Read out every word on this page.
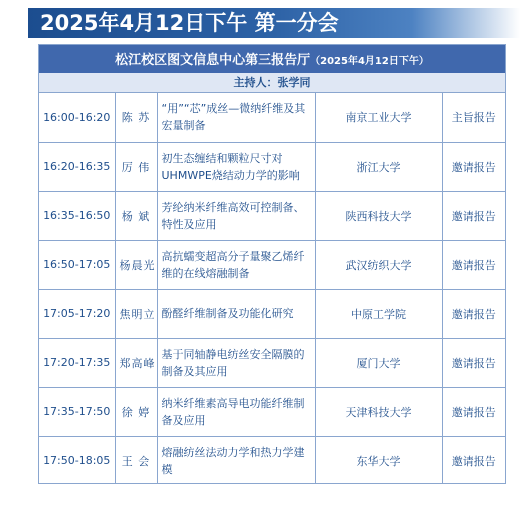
2025年4月12日下午 第一分会
松江校区图文信息中心第三报告厅（2025年4月12日下午）
主持人：张学同
16:00-16:20	陈 苏	“用”“芯”成丝—微纳纤维及其宏量制备	南京工业大学	主旨报告
16:20-16:35	厉 伟	初生态缠结和颗粒尺寸对UHMWPE烧结动力学的影响	浙江大学	邀请报告
16:35-16:50	杨 斌	芳纶纳米纤维高效可控制备、特性及应用	陕西科技大学	邀请报告
16:50-17:05	杨晨光	高抗蠕变超高分子量聚乙烯纤维的在线熔融制备	武汉纺织大学	邀请报告
17:05-17:20	焦明立	酚醛纤维制备及功能化研究	中原工学院	邀请报告
17:20-17:35	郑高峰	基于同轴静电纺丝安全隔膜的制备及其应用	厦门大学	邀请报告
17:35-17:50	徐 婷	纳米纤维素高导电功能纤维制备及应用	天津科技大学	邀请报告
17:50-18:05	王 会	熔融纺丝法动力学和热力学建模	东华大学	邀请报告
